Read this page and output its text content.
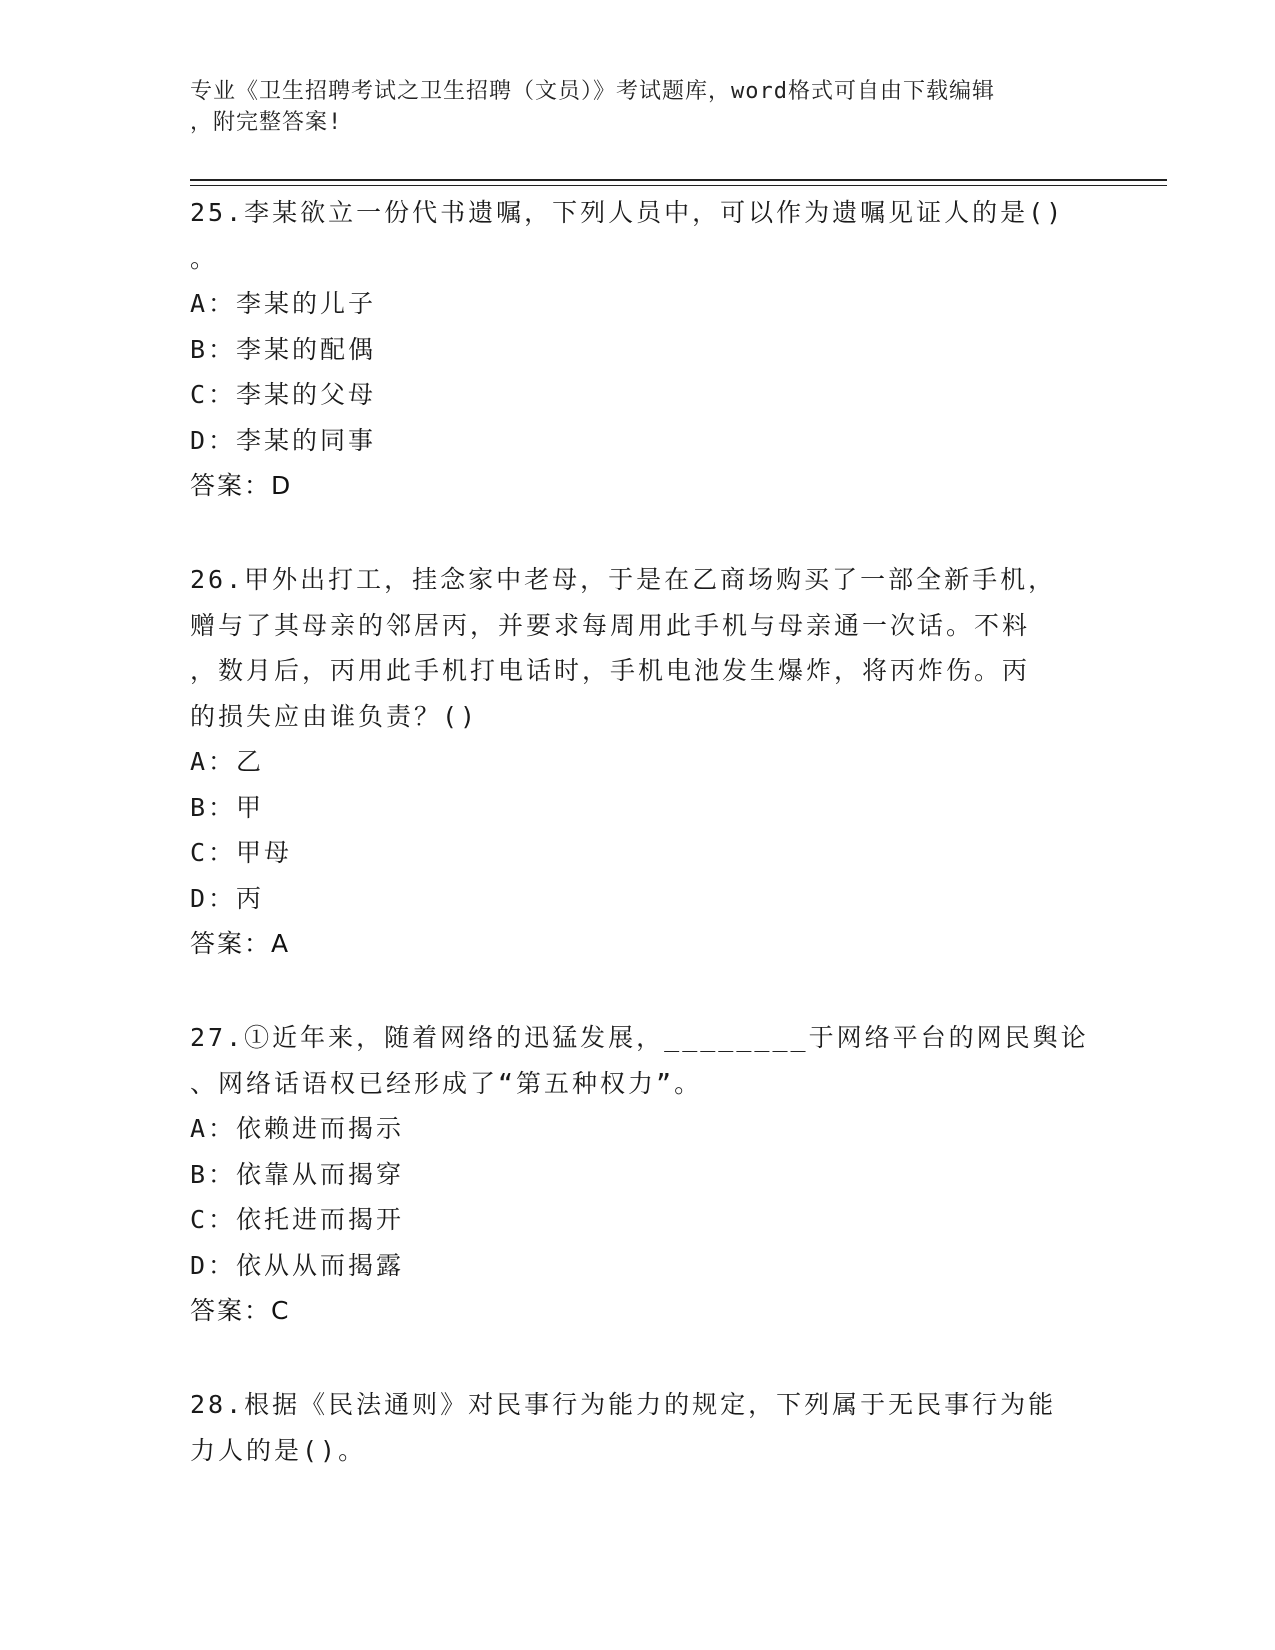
专业《卫生招聘考试之卫生招聘（文员）》考试题库，word格式可自由下载编辑
，附完整答案!

25.李某欲立一份代书遗嘱，下列人员中，可以作为遗嘱见证人的是()

。

A：李某的儿子

B：李某的配偶

C：李某的父母

D：李某的同事

答案：D

26.甲外出打工，挂念家中老母，于是在乙商场购买了一部全新手机，

赠与了其母亲的邻居丙，并要求每周用此手机与母亲通一次话。不料

，数月后，丙用此手机打电话时，手机电池发生爆炸，将丙炸伤。丙

的损失应由谁负责？()

A：乙

B：甲

C：甲母

D：丙

答案：A

27.①近年来，随着网络的迅猛发展，________于网络平台的网民舆论

、网络话语权已经形成了“第五种权力”。

A：依赖进而揭示

B：依靠从而揭穿

C：依托进而揭开

D：依从从而揭露

答案：C

28.根据《民法通则》对民事行为能力的规定，下列属于无民事行为能

力人的是()。
